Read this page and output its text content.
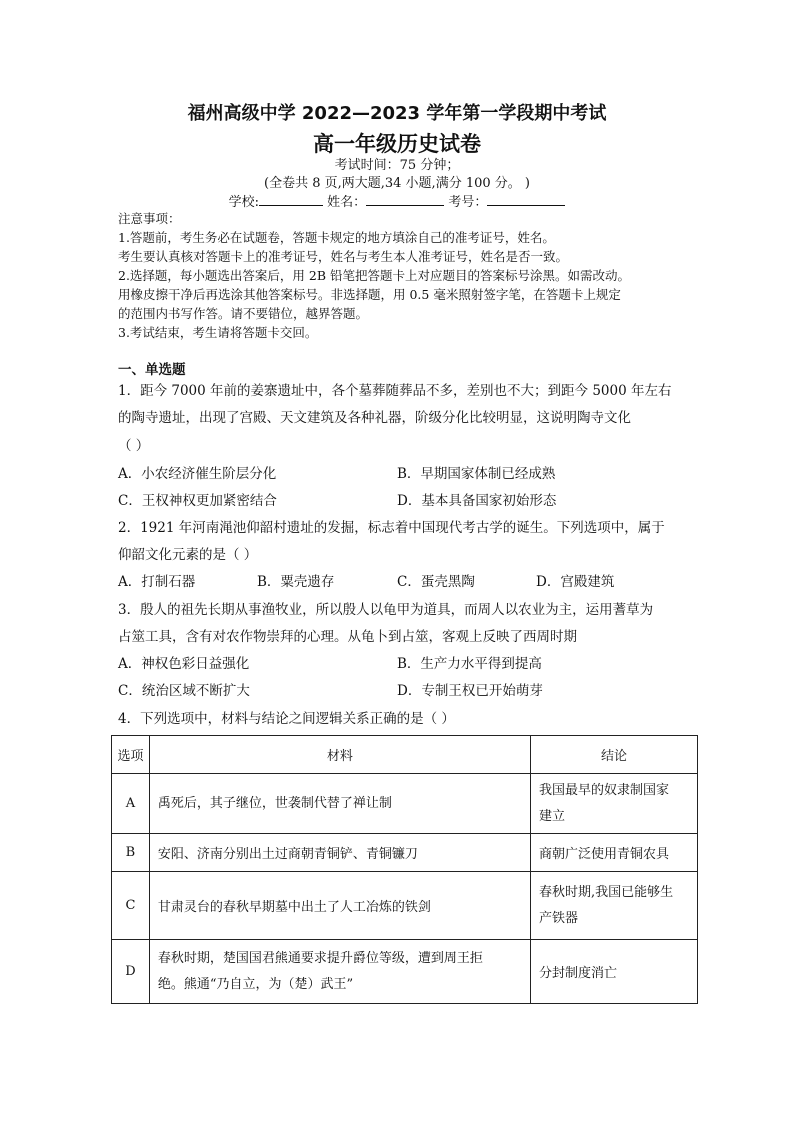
福州高级中学 2022—2023 学年第一学段期中考试
高一年级历史试卷
考试时间：75 分钟；
(全卷共 8 页,两大题,34 小题,满分 100 分。 )
学校:	姓名：	考号：
注意事项：
1.答题前，考生务必在试题卷，答题卡规定的地方填涂自己的准考证号，姓名。
考生要认真核对答题卡上的准考证号，姓名与考生本人准考证号，姓名是否一致。
2.选择题，每小题选出答案后，用 2B 铅笔把答题卡上对应题目的答案标号涂黑。如需改动。
用橡皮擦干净后再选涂其他答案标号。非选择题，用 0.5 毫米照射签字笔，在答题卡上规定
的范围内书写作答。请不要错位，越界答题。
3.考试结束，考生请将答题卡交回。
一、单选题
1．距今 7000 年前的姜寨遗址中，各个墓葬随葬品不多，差别也不大；到距今 5000 年左右
的陶寺遗址，出现了宫殿、天文建筑及各种礼器，阶级分化比较明显，这说明陶寺文化
（ ）
A．小农经济催生阶层分化	B．早期国家体制已经成熟
C．王权神权更加紧密结合	D．基本具备国家初始形态
2．1921 年河南渑池仰韶村遗址的发掘，标志着中国现代考古学的诞生。下列选项中，属于
仰韶文化元素的是（ ）
A．打制石器	B．粟壳遗存	C．蛋壳黑陶	D．宫殿建筑
3．殷人的祖先长期从事渔牧业，所以殷人以龟甲为道具，而周人以农业为主，运用蓍草为
占筮工具，含有对农作物崇拜的心理。从龟卜到占筮，客观上反映了西周时期
A．神权色彩日益强化	B．生产力水平得到提高
C．统治区域不断扩大	D．专制王权已开始萌芽
4．下列选项中，材料与结论之间逻辑关系正确的是（ ）
选项	材料	结论
A	禹死后，其子继位，世袭制代替了禅让制	我国最早的奴隶制国家
建立

B	安阳、济南分别出土过商朝青铜铲、青铜镰刀	商朝广泛使用青铜农具

C	甘肃灵台的春秋早期墓中出土了人工冶炼的铁剑	春秋时期,我国已能够生
产铁器

D	春秋时期，楚国国君熊通要求提升爵位等级，遭到周王拒
绝。熊通“乃自立，为（楚）武王”	分封制度消亡
